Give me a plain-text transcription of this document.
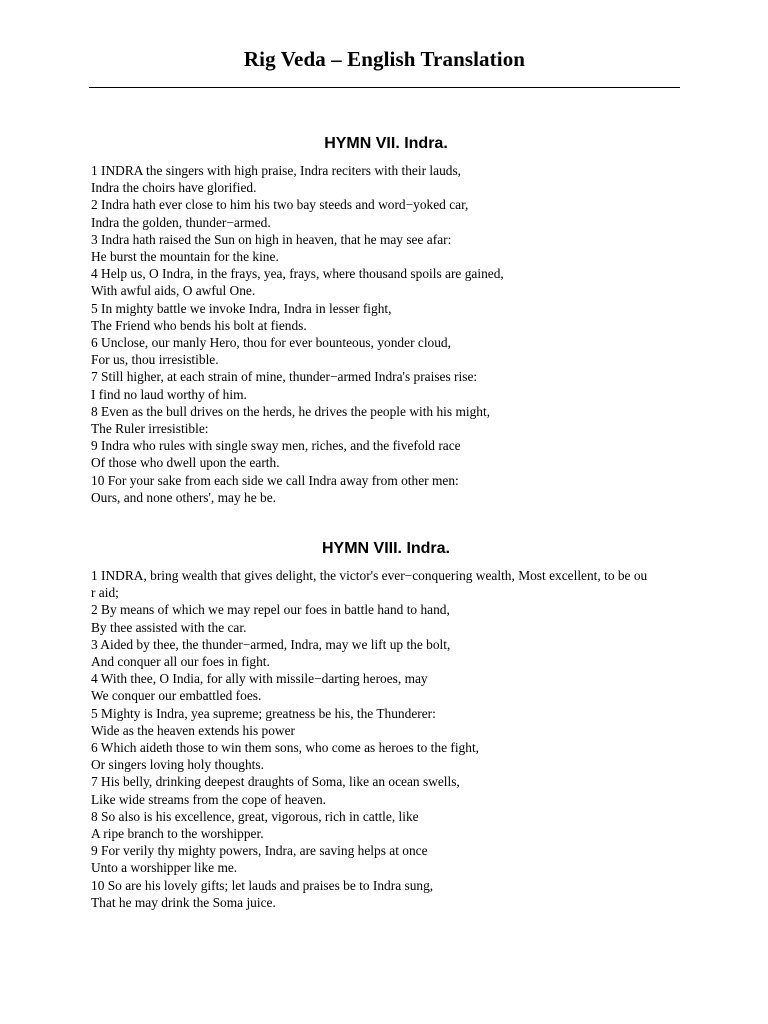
Rig Veda – English Translation
HYMN VII. Indra.
1 INDRA the singers with high praise, Indra reciters with their lauds,
Indra the choirs have glorified.
2 Indra hath ever close to him his two bay steeds and word−yoked car,
Indra the golden, thunder−armed.
3 Indra hath raised the Sun on high in heaven, that he may see afar:
He burst the mountain for the kine.
4 Help us, O Indra, in the frays, yea, frays, where thousand spoils are gained,
With awful aids, O awful One.
5 In mighty battle we invoke Indra, Indra in lesser fight,
The Friend who bends his bolt at fiends.
6 Unclose, our manly Hero, thou for ever bounteous, yonder cloud,
For us, thou irresistible.
7 Still higher, at each strain of mine, thunder−armed Indra's praises rise:
I find no laud worthy of him.
8 Even as the bull drives on the herds, he drives the people with his might,
The Ruler irresistible:
9 Indra who rules with single sway men, riches, and the fivefold race
Of those who dwell upon the earth.
10 For your sake from each side we call Indra away from other men:
Ours, and none others', may he be.
HYMN VIII. Indra.
1 INDRA, bring wealth that gives delight, the victor's ever−conquering wealth, Most excellent, to be ou
r aid;
2 By means of which we may repel our foes in battle hand to hand,
By thee assisted with the car.
3 Aided by thee, the thunder−armed, Indra, may we lift up the bolt,
And conquer all our foes in fight.
4 With thee, O India, for ally with missile−darting heroes, may
We conquer our embattled foes.
5 Mighty is Indra, yea supreme; greatness be his, the Thunderer:
Wide as the heaven extends his power
6 Which aideth those to win them sons, who come as heroes to the fight,
Or singers loving holy thoughts.
7 His belly, drinking deepest draughts of Soma, like an ocean swells,
Like wide streams from the cope of heaven.
8 So also is his excellence, great, vigorous, rich in cattle, like
A ripe branch to the worshipper.
9 For verily thy mighty powers, Indra, are saving helps at once
Unto a worshipper like me.
10 So are his lovely gifts; let lauds and praises be to Indra sung,
That he may drink the Soma juice.
